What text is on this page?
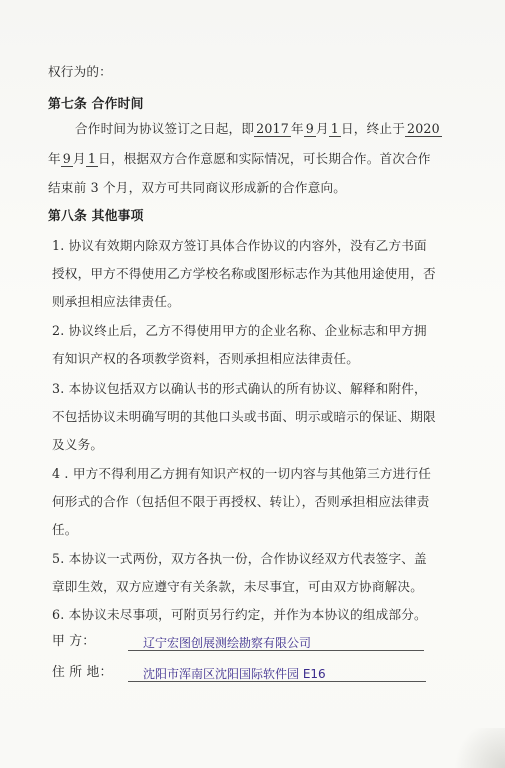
权行为的：
第七条 合作时间
合作时间为协议签订之日起，即 2017 年 9 月 1 日，终止于 2020
年 9 月 1 日，根据双方合作意愿和实际情况，可长期合作。首次合作
结束前 3 个月，双方可共同商议形成新的合作意向。
第八条 其他事项
1. 协议有效期内除双方签订具体合作协议的内容外，没有乙方书面
授权，甲方不得使用乙方学校名称或图形标志作为其他用途使用，否
则承担相应法律责任。
2. 协议终止后，乙方不得使用甲方的企业名称、企业标志和甲方拥
有知识产权的各项教学资料，否则承担相应法律责任。
3. 本协议包括双方以确认书的形式确认的所有协议、解释和附件，
不包括协议未明确写明的其他口头或书面、明示或暗示的保证、期限
及义务。
4 . 甲方不得利用乙方拥有知识产权的一切内容与其他第三方进行任
何形式的合作（包括但不限于再授权、转让），否则承担相应法律责
任。
5. 本协议一式两份，双方各执一份，合作协议经双方代表签字、盖
章即生效，双方应遵守有关条款，未尽事宜，可由双方协商解决。
6. 本协议未尽事项，可附页另行约定，并作为本协议的组成部分。
甲 方：	辽宁宏图创展测绘勘察有限公司
住 所 地：	沈阳市浑南区沈阳国际软件园 E16
